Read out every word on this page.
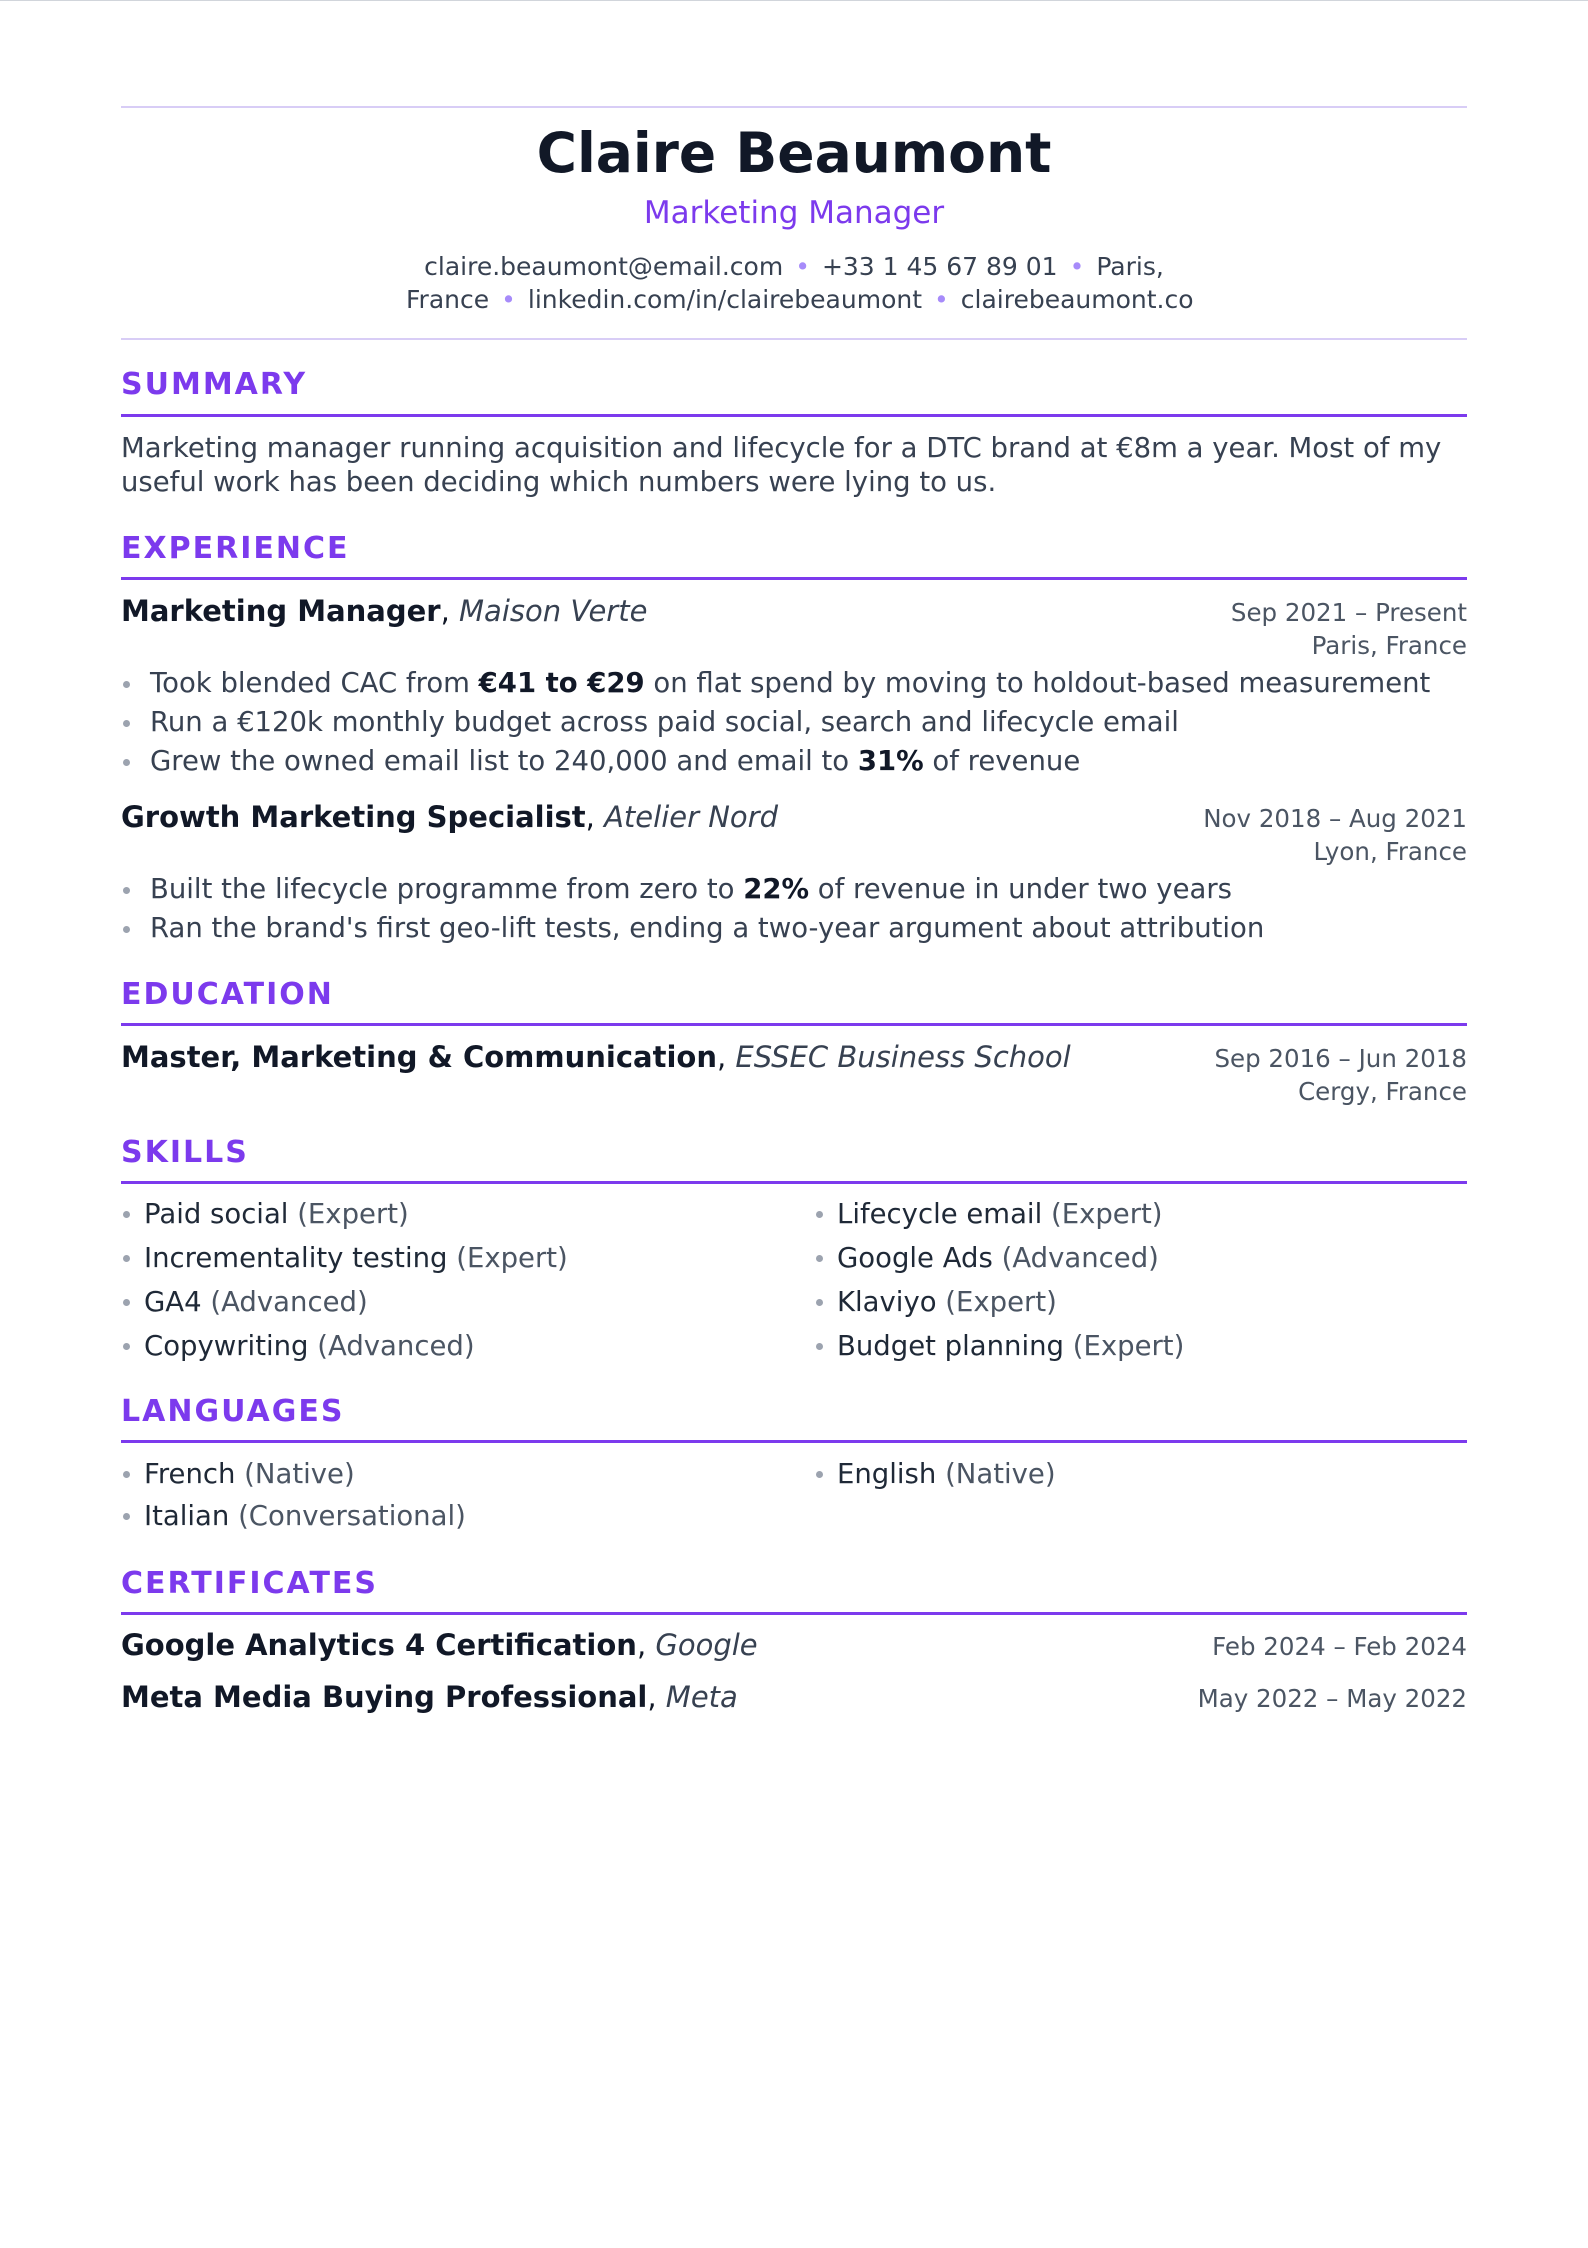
Claire Beaumont
Marketing Manager
claire.beaumont@email.com • +33 1 45 67 89 01 • Paris,
France • linkedin.com/in/clairebeaumont • clairebeaumont.co
SUMMARY
Marketing manager running acquisition and lifecycle for a DTC brand at €8m a year. Most of my useful work has been deciding which numbers were lying to us.
EXPERIENCE
Marketing Manager, Maison Verte	Sep 2021 – Present
Paris, France
Took blended CAC from €41 to €29 on flat spend by moving to holdout-based measurement
Run a €120k monthly budget across paid social, search and lifecycle email
Grew the owned email list to 240,000 and email to 31% of revenue
Growth Marketing Specialist, Atelier Nord	Nov 2018 – Aug 2021
Lyon, France
Built the lifecycle programme from zero to 22% of revenue in under two years
Ran the brand's first geo-lift tests, ending a two-year argument about attribution
EDUCATION
Master, Marketing & Communication, ESSEC Business School	Sep 2016 – Jun 2018
Cergy, France
SKILLS
Paid social (Expert)
Incrementality testing (Expert)
GA4 (Advanced)
Copywriting (Advanced)
Lifecycle email (Expert)
Google Ads (Advanced)
Klaviyo (Expert)
Budget planning (Expert)
LANGUAGES
French (Native)
Italian (Conversational)
English (Native)
CERTIFICATES
Google Analytics 4 Certification, Google	Feb 2024 – Feb 2024
Meta Media Buying Professional, Meta	May 2022 – May 2022
